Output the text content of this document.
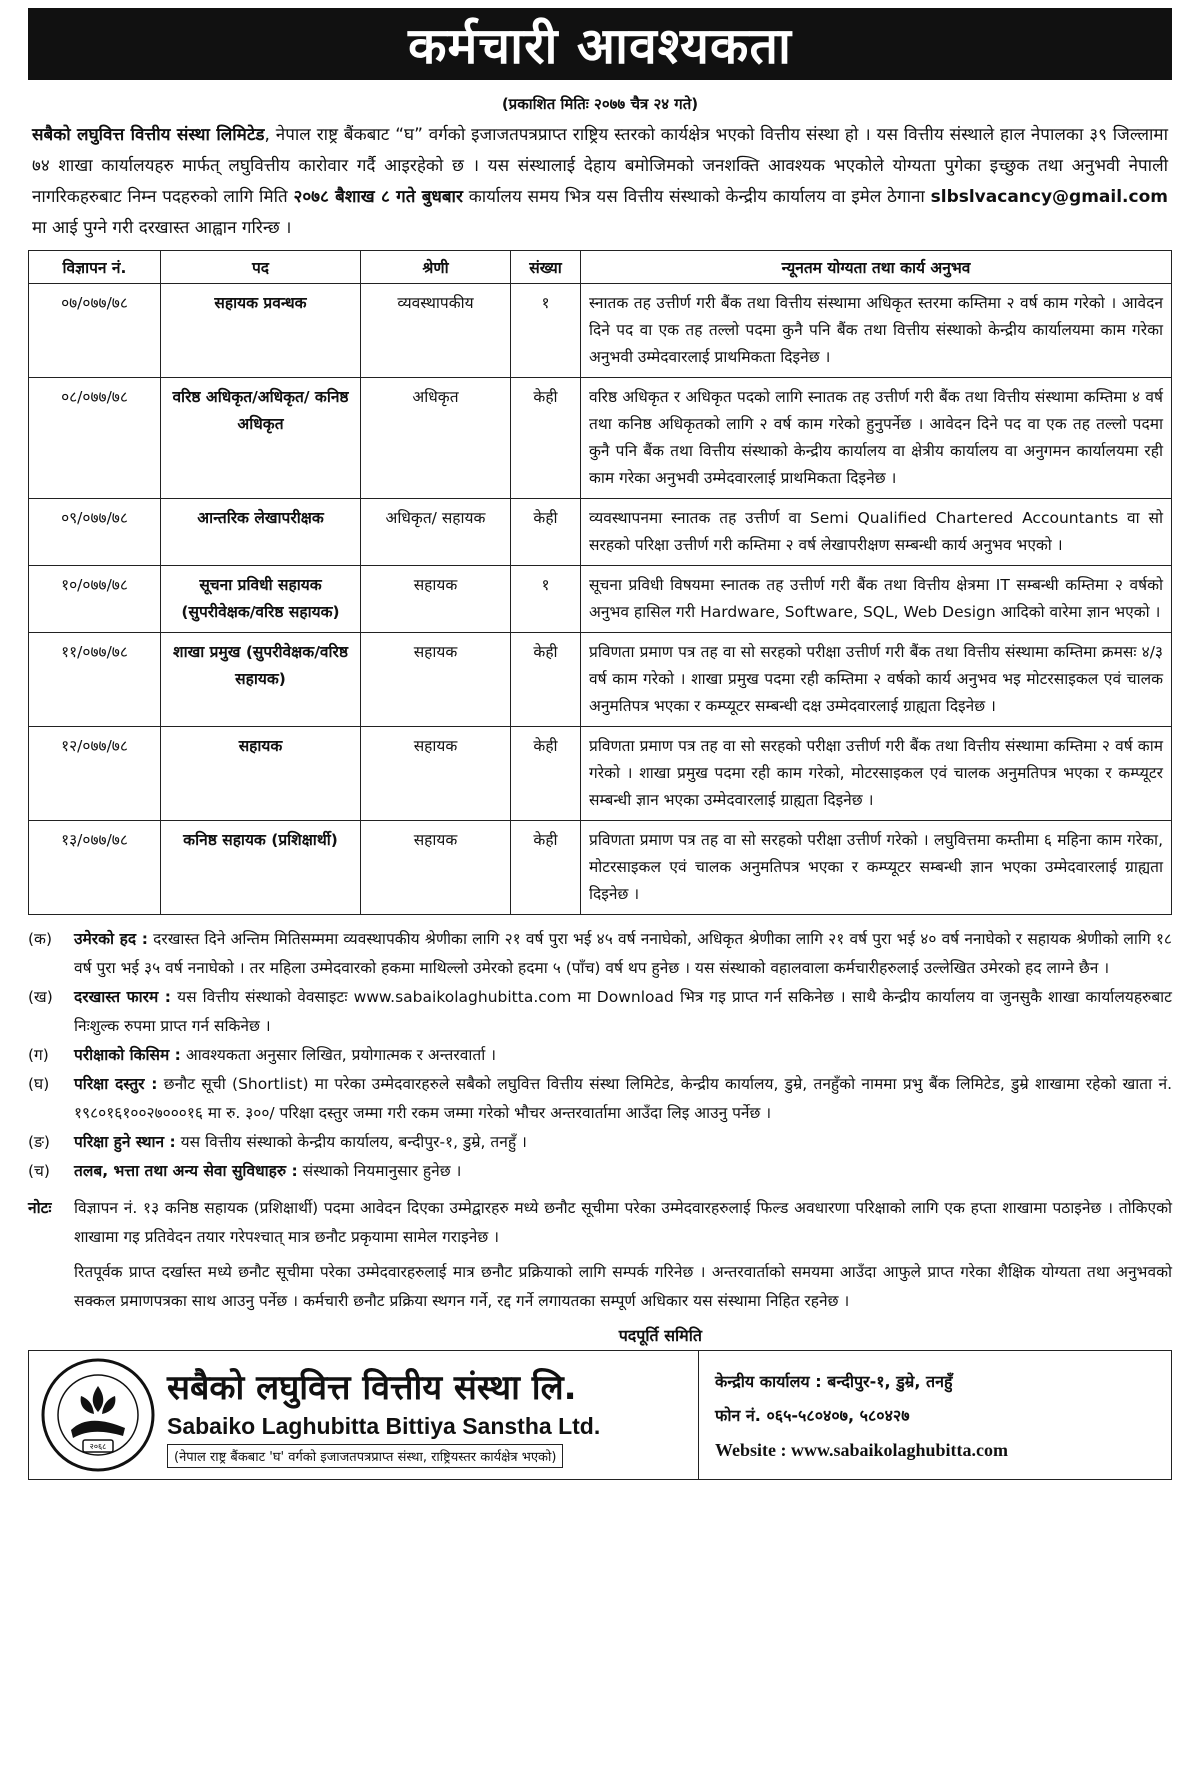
कर्मचारी आवश्यकता
(प्रकाशित मितिः २०७७ चैत्र २४ गते)
सबैको लघुवित्त वित्तीय संस्था लिमिटेड, नेपाल राष्ट्र बैंकबाट “घ” वर्गको इजाजतपत्रप्राप्त राष्ट्रिय स्तरको कार्यक्षेत्र भएको वित्तीय संस्था हो । यस वित्तीय संस्थाले हाल नेपालका ३९ जिल्लामा ७४ शाखा कार्यालयहरु मार्फत् लघुवित्तीय कारोवार गर्दै आइरहेको छ । यस संस्थालाई देहाय बमोजिमको जनशक्ति आवश्यक भएकोले योग्यता पुगेका इच्छुक तथा अनुभवी नेपाली नागरिकहरुबाट निम्न पदहरुको लागि मिति २०७८ बैशाख ८ गते बुधबार कार्यालय समय भित्र यस वित्तीय संस्थाको केन्द्रीय कार्यालय वा इमेल ठेगाना slbslvacancy@gmail.com मा आई पुग्ने गरी दरखास्त आह्वान गरिन्छ ।
विज्ञापन नं.	पद	श्रेणी	संख्या	न्यूनतम योग्यता तथा कार्य अनुभव
०७/०७७/७८	सहायक प्रवन्धक	व्यवस्थापकीय	१	स्नातक तह उत्तीर्ण गरी बैंक तथा वित्तीय संस्थामा अधिकृत स्तरमा कम्तिमा २ वर्ष काम गरेको । आवेदन दिने पद वा एक तह तल्लो पदमा कुनै पनि बैंक तथा वित्तीय संस्थाको केन्द्रीय कार्यालयमा काम गरेका अनुभवी उम्मेदवारलाई प्राथमिकता दिइनेछ ।
०८/०७७/७८	वरिष्ठ अधिकृत/अधिकृत/ कनिष्ठ अधिकृत	अधिकृत	केही	वरिष्ठ अधिकृत र अधिकृत पदको लागि स्नातक तह उत्तीर्ण गरी बैंक तथा वित्तीय संस्थामा कम्तिमा ४ वर्ष तथा कनिष्ठ अधिकृतको लागि २ वर्ष काम गरेको हुनुपर्नेछ । आवेदन दिने पद वा एक तह तल्लो पदमा कुनै पनि बैंक तथा वित्तीय संस्थाको केन्द्रीय कार्यालय वा क्षेत्रीय कार्यालय वा अनुगमन कार्यालयमा रही काम गरेका अनुभवी उम्मेदवारलाई प्राथमिकता दिइनेछ ।
०९/०७७/७८	आन्तरिक लेखापरीक्षक	अधिकृत/ सहायक	केही	व्यवस्थापनमा स्नातक तह उत्तीर्ण वा Semi Qualified Chartered Accountants वा सो सरहको परिक्षा उत्तीर्ण गरी कम्तिमा २ वर्ष लेखापरीक्षण सम्बन्धी कार्य अनुभव भएको ।
१०/०७७/७८	सूचना प्रविधी सहायक (सुपरीवेक्षक/वरिष्ठ सहायक)	सहायक	१	सूचना प्रविधी विषयमा स्नातक तह उत्तीर्ण गरी बैंक तथा वित्तीय क्षेत्रमा IT सम्बन्धी कम्तिमा २ वर्षको अनुभव हासिल गरी Hardware, Software, SQL, Web Design आदिको वारेमा ज्ञान भएको ।
११/०७७/७८	शाखा प्रमुख (सुपरीवेक्षक/वरिष्ठ सहायक)	सहायक	केही	प्रविणता प्रमाण पत्र तह वा सो सरहको परीक्षा उत्तीर्ण गरी बैंक तथा वित्तीय संस्थामा कम्तिमा क्रमसः ४/३ वर्ष काम गरेको । शाखा प्रमुख पदमा रही कम्तिमा २ वर्षको कार्य अनुभव भइ मोटरसाइकल एवं चालक अनुमतिपत्र भएका र कम्प्यूटर सम्बन्धी दक्ष उम्मेदवारलाई ग्राह्यता दिइनेछ ।
१२/०७७/७८	सहायक	सहायक	केही	प्रविणता प्रमाण पत्र तह वा सो सरहको परीक्षा उत्तीर्ण गरी बैंक तथा वित्तीय संस्थामा कम्तिमा २ वर्ष काम गरेको । शाखा प्रमुख पदमा रही काम गरेको, मोटरसाइकल एवं चालक अनुमतिपत्र भएका र कम्प्यूटर सम्बन्धी ज्ञान भएका उम्मेदवारलाई ग्राह्यता दिइनेछ ।
१३/०७७/७८	कनिष्ठ सहायक (प्रशिक्षार्थी)	सहायक	केही	प्रविणता प्रमाण पत्र तह वा सो सरहको परीक्षा उत्तीर्ण गरेको । लघुवित्तमा कम्तीमा ६ महिना काम गरेका, मोटरसाइकल एवं चालक अनुमतिपत्र भएका र कम्प्यूटर सम्बन्धी ज्ञान भएका उम्मेदवारलाई ग्राह्यता दिइनेछ ।
(क)	उमेरको हद : दरखास्त दिने अन्तिम मितिसम्ममा व्यवस्थापकीय श्रेणीका लागि २१ वर्ष पुरा भई ४५ वर्ष ननाघेको, अधिकृत श्रेणीका लागि २१ वर्ष पुरा भई ४० वर्ष ननाघेको र सहायक श्रेणीको लागि १८ वर्ष पुरा भई ३५ वर्ष ननाघेको । तर महिला उम्मेदवारको हकमा माथिल्लो उमेरको हदमा ५ (पाँच) वर्ष थप हुनेछ । यस संस्थाको वहालवाला कर्मचारीहरुलाई उल्लेखित उमेरको हद लाग्ने छैन ।
(ख)	दरखास्त फारम : यस वित्तीय संस्थाको वेवसाइटः www.sabaikolaghubitta.com मा Download भित्र गइ प्राप्त गर्न सकिनेछ । साथै केन्द्रीय कार्यालय वा जुनसुकै शाखा कार्यालयहरुबाट निःशुल्क रुपमा प्राप्त गर्न सकिनेछ ।
(ग)	परीक्षाको किसिम : आवश्यकता अनुसार लिखित, प्रयोगात्मक र अन्तरवार्ता ।
(घ)	परिक्षा दस्तुर : छनौट सूची (Shortlist) मा परेका उम्मेदवारहरुले सबैको लघुवित्त वित्तीय संस्था लिमिटेड, केन्द्रीय कार्यालय, डुम्रे, तनहुँको नाममा प्रभु बैंक लिमिटेड, डुम्रे शाखामा रहेको खाता नं. १९८०१६१००२७०००१६ मा रु. ३००/ परिक्षा दस्तुर जम्मा गरी रकम जम्मा गरेको भौचर अन्तरवार्तामा आउँदा लिइ आउनु पर्नेछ ।
(ङ)	परिक्षा हुने स्थान : यस वित्तीय संस्थाको केन्द्रीय कार्यालय, बन्दीपुर-१, डुम्रे, तनहुँ ।
(च)	तलब, भत्ता तथा अन्य सेवा सुविधाहरु : संस्थाको नियमानुसार हुनेछ ।
नोटः	विज्ञापन नं. १३ कनिष्ठ सहायक (प्रशिक्षार्थी) पदमा आवेदन दिएका उम्मेद्वारहरु मध्ये छनौट सूचीमा परेका उम्मेदवारहरुलाई फिल्ड अवधारणा परिक्षाको लागि एक हप्ता शाखामा पठाइनेछ । तोकिएको शाखामा गइ प्रतिवेदन तयार गरेपश्चात् मात्र छनौट प्रकृयामा सामेल गराइनेछ ।

रितपूर्वक प्राप्त दर्खास्त मध्ये छनौट सूचीमा परेका उम्मेदवारहरुलाई मात्र छनौट प्रक्रियाको लागि सम्पर्क गरिनेछ । अन्तरवार्ताको समयमा आउँदा आफुले प्राप्त गरेका शैक्षिक योग्यता तथा अनुभवको सक्कल प्रमाणपत्रका साथ आउनु पर्नेछ । कर्मचारी छनौट प्रक्रिया स्थगन गर्ने, रद्द गर्ने लगायतका सम्पूर्ण अधिकार यस संस्थामा निहित रहनेछ ।

पदपूर्ति समिति
२०६८
सबैको लघुवित्त वित्तीय संस्था लि.
Sabaiko Laghubitta Bittiya Sanstha Ltd.
(नेपाल राष्ट्र बैंकबाट 'घ' वर्गको इजाजतपत्रप्राप्त संस्था, राष्ट्रियस्तर कार्यक्षेत्र भएको)
केन्द्रीय कार्यालय : बन्दीपुर-१, डुम्रे, तनहुँ
फोन नं. ०६५-५८०४०७, ५८०४२७
Website : www.sabaikolaghubitta.com
